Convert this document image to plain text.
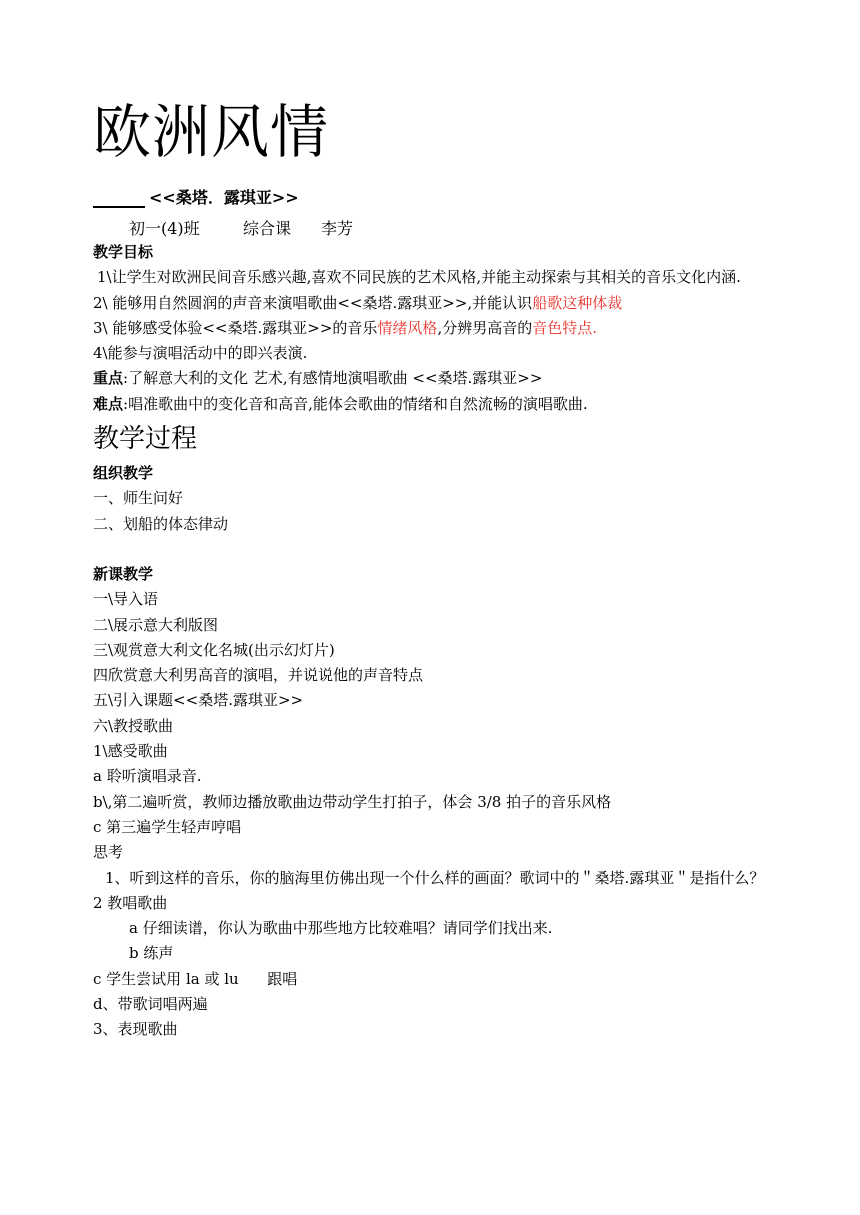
欧洲风情
<<桑塔．露琪亚>>
初一(4)班	综合课	李芳
教学目标
1\让学生对欧洲民间音乐感兴趣,喜欢不同民族的艺术风格,并能主动探索与其相关的音乐文化内涵.
2\ 能够用自然圆润的声音来演唱歌曲<<桑塔.露琪亚>>,并能认识船歌这种体裁
3\ 能够感受体验<<桑塔.露琪亚>>的音乐情绪风格,分辨男高音的音色特点.
4\能参与演唱活动中的即兴表演.
重点:了解意大利的文化 艺术,有感情地演唱歌曲 <<桑塔.露琪亚>>
难点:唱准歌曲中的变化音和高音,能体会歌曲的情绪和自然流畅的演唱歌曲.
教学过程
组织教学
一、师生问好
二、划船的体态律动
新课教学
一\导入语
二\展示意大利版图
三\观赏意大利文化名城(出示幻灯片)
四欣赏意大利男高音的演唱，并说说他的声音特点
五\引入课题<<桑塔.露琪亚>>
六\教授歌曲
1\感受歌曲
a 聆听演唱录音.
b\,第二遍听赏，教师边播放歌曲边带动学生打拍子，体会 3/8 拍子的音乐风格
c 第三遍学生轻声哼唱
思考
1、听到这样的音乐，你的脑海里仿佛出现一个什么样的画面？歌词中的＂桑塔.露琪亚＂是指什么？
2 教唱歌曲
a 仔细读谱，你认为歌曲中那些地方比较难唱？请同学们找出来.
b 练声
c 学生尝试用 la 或 lu      跟唱
d、带歌词唱两遍
3、表现歌曲
